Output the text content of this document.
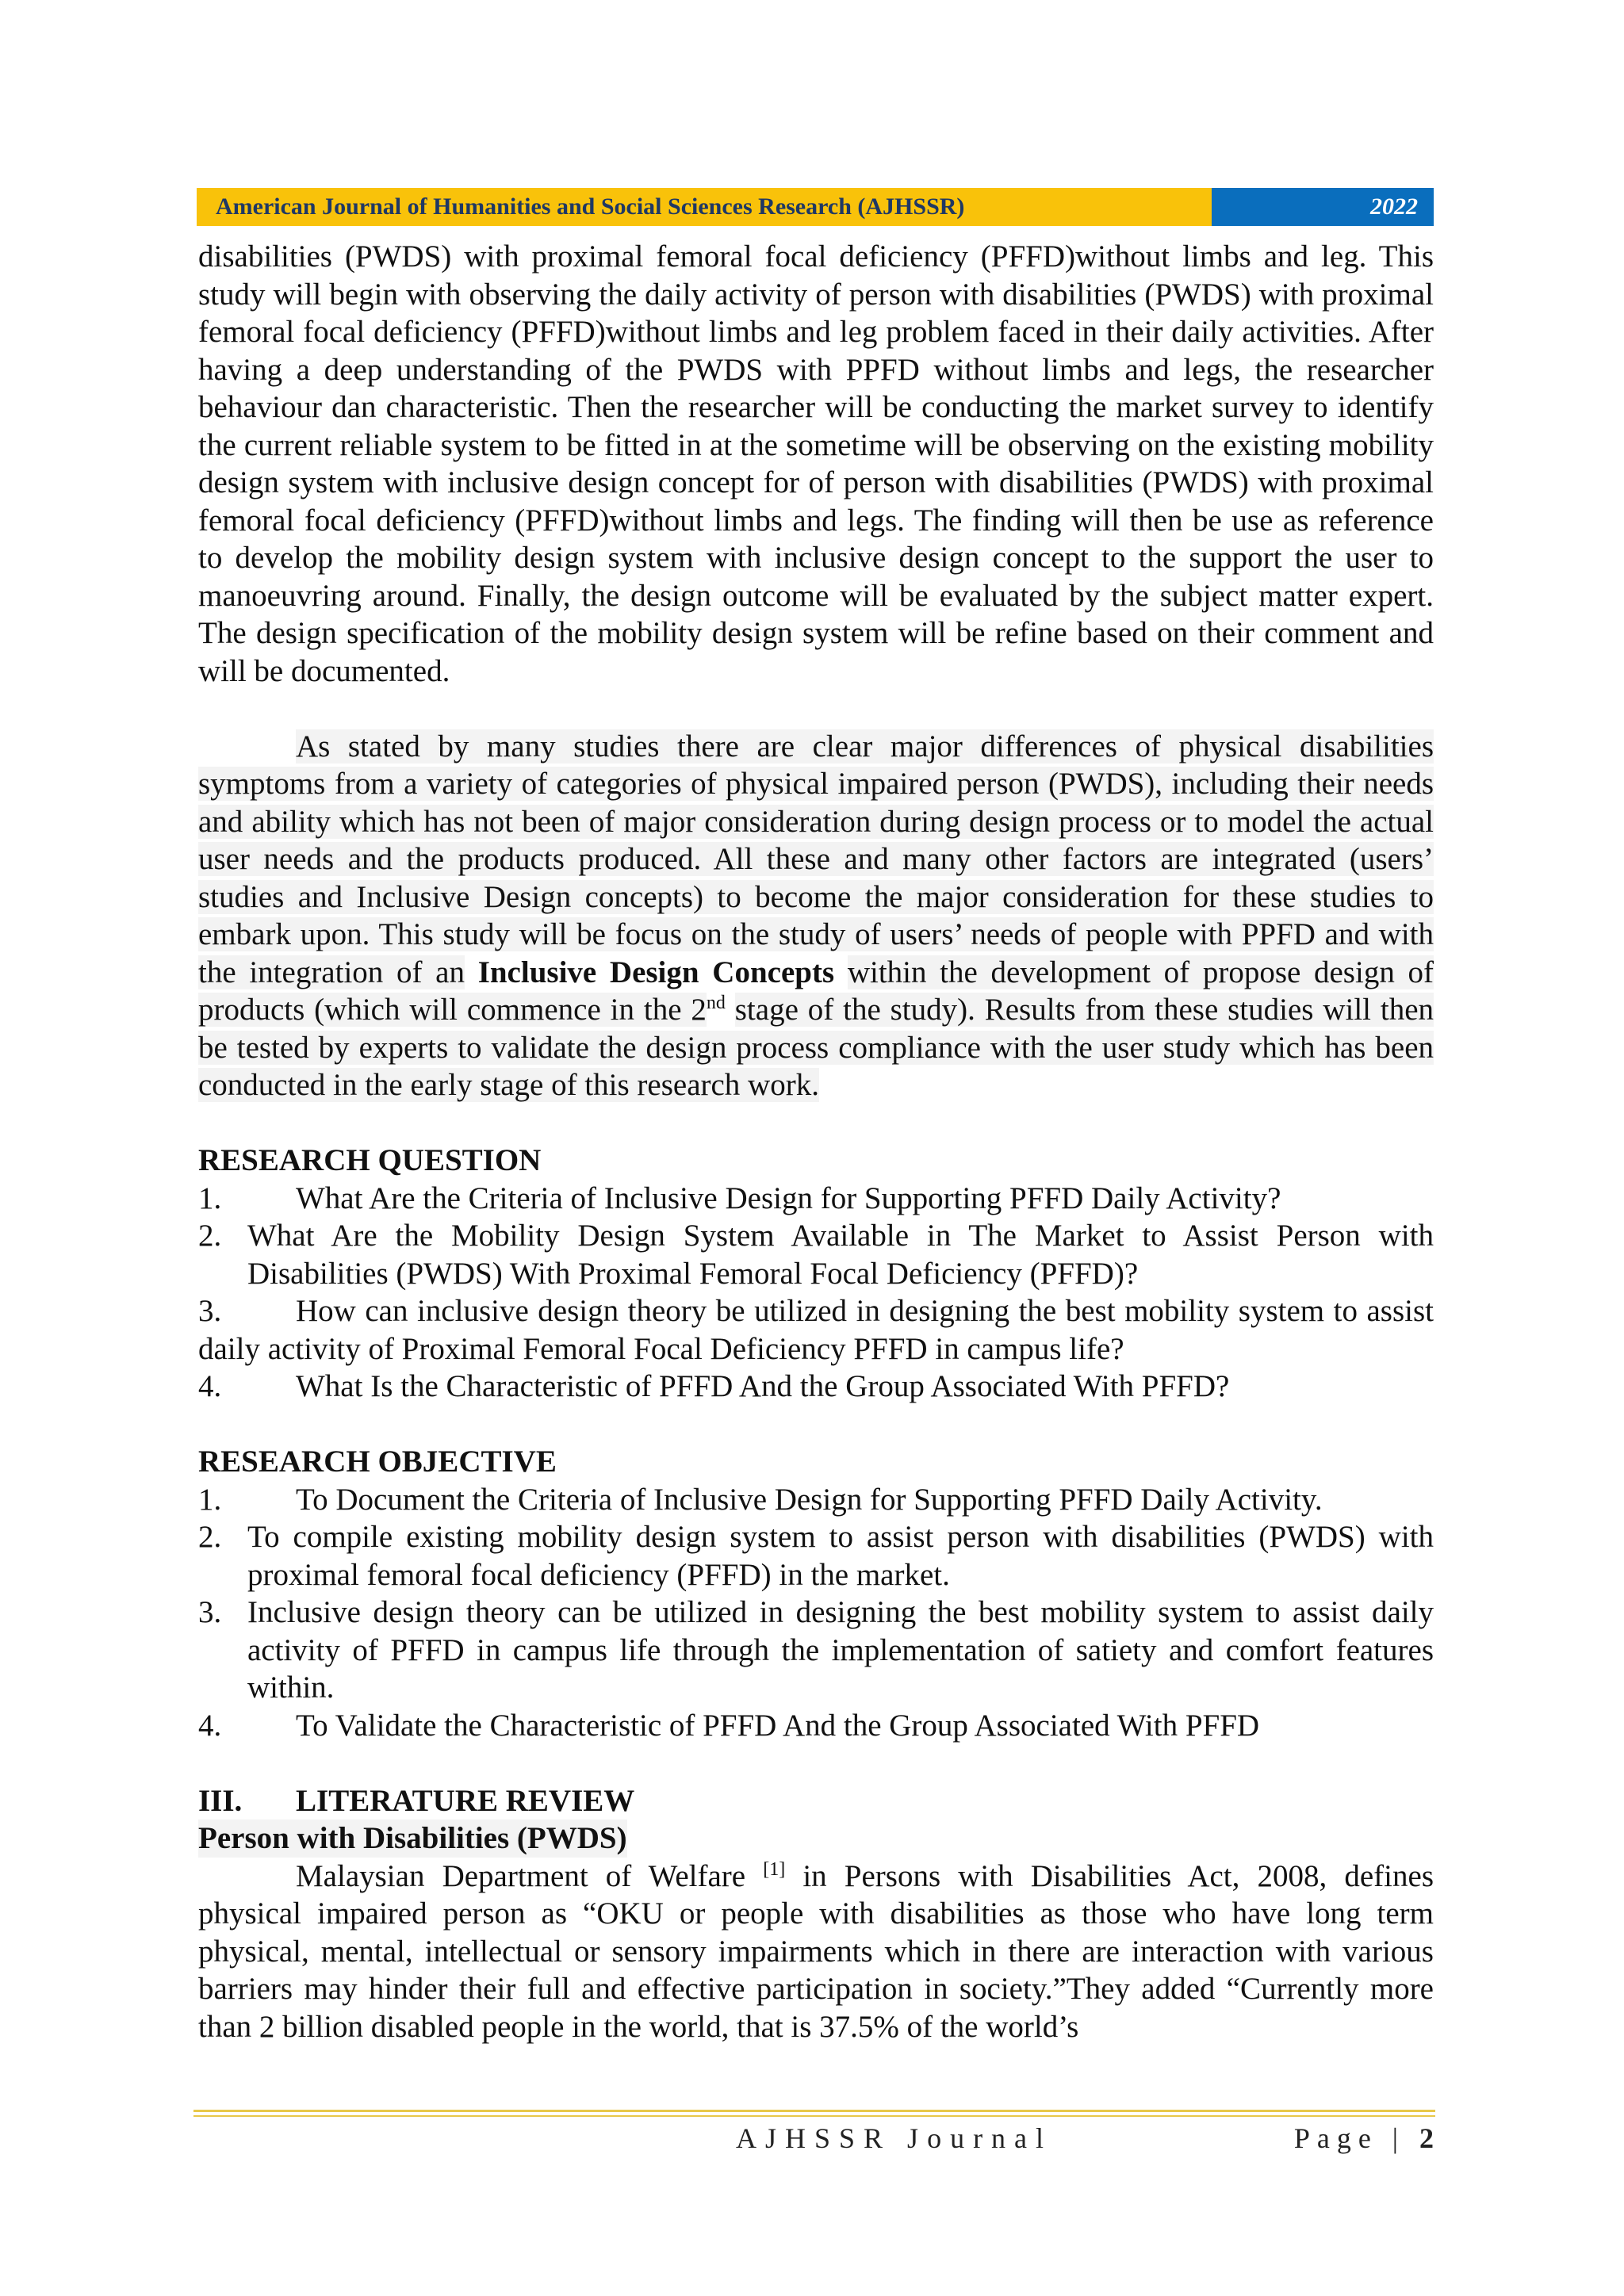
American Journal of Humanities and Social Sciences Research (AJHSSR)	2022

disabilities (PWDS) with proximal femoral focal deficiency (PFFD)without limbs and leg. This study will begin with observing the daily activity of person with disabilities (PWDS) with proximal femoral focal deficiency (PFFD)without limbs and leg problem faced in their daily activities. After having a deep understanding of the PWDS with PPFD without limbs and legs, the researcher behaviour dan characteristic. Then the researcher will be conducting the market survey to identify the current reliable system to be fitted in at the sometime will be observing on the existing mobility design system with inclusive design concept for of person with disabilities (PWDS) with proximal femoral focal deficiency (PFFD)without limbs and legs. The finding will then be use as reference to develop the mobility design system with inclusive design concept to the support the user to manoeuvring around. Finally, the design outcome will be evaluated by the subject matter expert. The design specification of the mobility design system will be refine based on their comment and will be documented.

As stated by many studies there are clear major differences of physical disabilities symptoms from a variety of categories of physical impaired person (PWDS), including their needs and ability which has not been of major consideration during design process or to model the actual user needs and the products produced. All these and many other factors are integrated (users’ studies and Inclusive Design concepts) to become the major consideration for these studies to embark upon. This study will be focus on the study of users’ needs of people with PPFD and with the integration of an Inclusive Design Concepts within the development of propose design of products (which will commence in the 2nd stage of the study). Results from these studies will then be tested by experts to validate the design process compliance with the user study which has been conducted in the early stage of this research work.

RESEARCH QUESTION

1.	What Are the Criteria of Inclusive Design for Supporting PFFD Daily Activity?
2. What Are the Mobility Design System Available in The Market to Assist Person with Disabilities (PWDS) With Proximal Femoral Focal Deficiency (PFFD)?

3. How can inclusive design theory be utilized in designing the best mobility system to assist daily activity of Proximal Femoral Focal Deficiency PFFD in campus life?

4.	What Is the Characteristic of PFFD And the Group Associated With PFFD?

RESEARCH OBJECTIVE

1.	To Document the Criteria of Inclusive Design for Supporting PFFD Daily Activity.
2. To compile existing mobility design system to assist person with disabilities (PWDS) with proximal femoral focal deficiency (PFFD) in the market.
3. Inclusive design theory can be utilized in designing the best mobility system to assist daily activity of PFFD in campus life through the implementation of satiety and comfort features within.
4.	To Validate the Characteristic of PFFD And the Group Associated With PFFD

III. LITERATURE REVIEW

Person with Disabilities (PWDS)

Malaysian Department of Welfare [1] in Persons with Disabilities Act, 2008, defines physical impaired person as “OKU or people with disabilities as those who have long term physical, mental, intellectual or sensory impairments which in there are interaction with various barriers may hinder their full and effective participation in society.”They added “Currently more than 2 billion disabled people in the world, that is 37.5% of the world’s

AJHSSR Journal	Page | 2
